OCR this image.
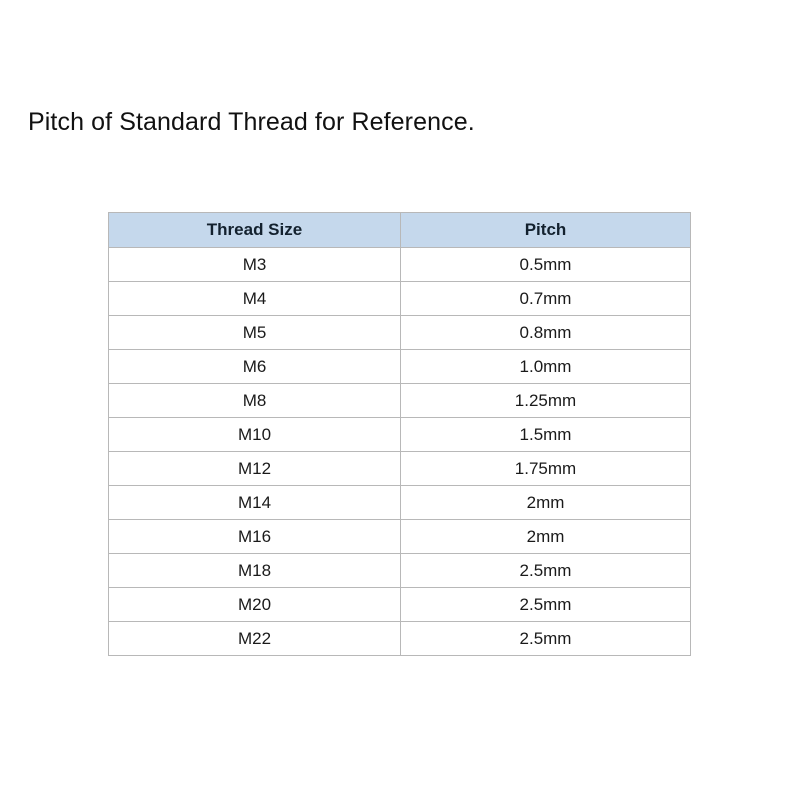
Pitch of Standard Thread for Reference.
Thread Size	Pitch
M3	0.5mm
M4	0.7mm
M5	0.8mm
M6	1.0mm
M8	1.25mm
M10	1.5mm
M12	1.75mm
M14	2mm
M16	2mm
M18	2.5mm
M20	2.5mm
M22	2.5mm
